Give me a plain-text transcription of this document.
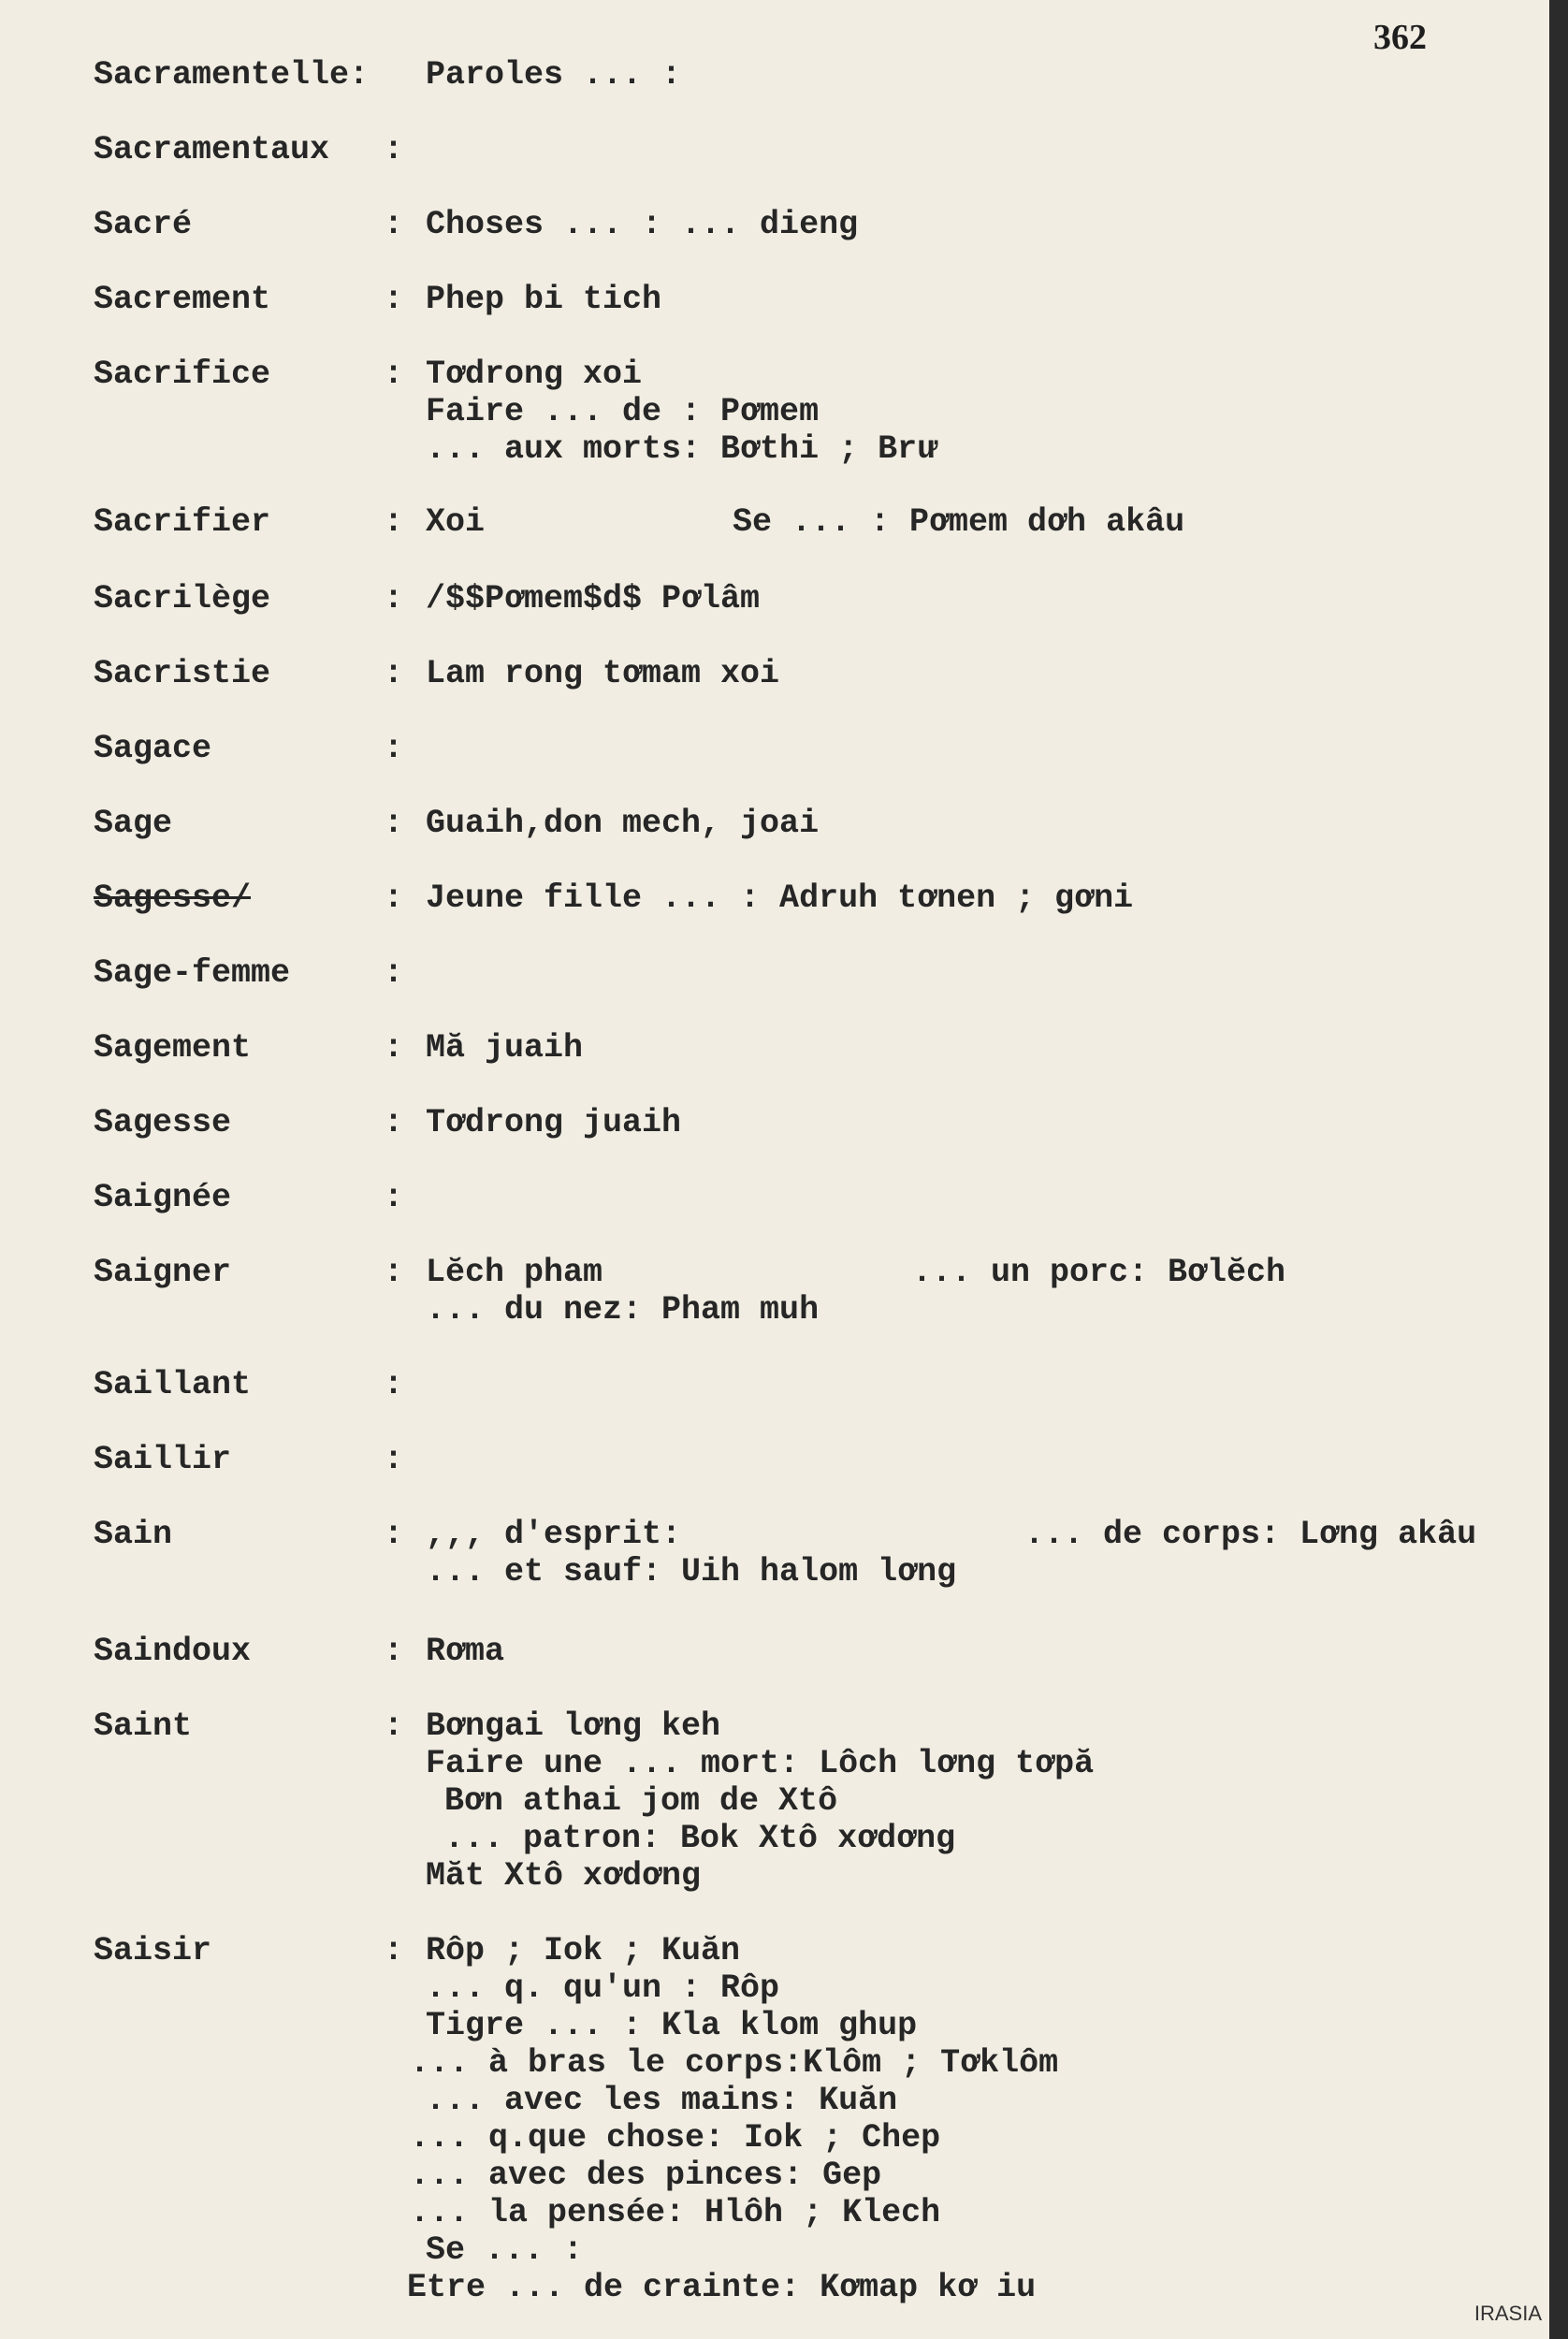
362
Sacramentelle: Paroles ... :
Sacramentaux :
Sacré	: Choses ... : ... dieng
Sacrement	: Phep bi tich
Sacrifice	: Tơdrong xoi
Faire ... de : Pơmem
... aux morts: Bơthi ; Brư
Sacrifier	: Xoi	Se ... : Pơmem dơh akâu
Sacrilège	: /$$Pơmem$d$ Pơlâm
Sacristie	: Lam rong tơmam xoi
Sagace	:
Sage	: Guaih,don mech, joai
Sagesse/	: Jeune fille ... : Adruh tơnen ; gơni
Sage-femme	:
Sagement	: Mă juaih
Sagesse	: Tơdrong juaih
Saignée	:
Saigner	: Lĕch pham	... un porc: Bơlĕch
... du nez: Pham muh
Saillant	:
Saillir	:
Sain	: ,,, d'esprit:	... de corps: Lơng akâu
... et sauf: Uih halom lơng
Saindoux	: Rơma
Saint	: Bơngai lơng keh
Faire une ... mort: Lôch lơng tơpă
Bơn athai jom de Xtô
... patron: Bok Xtô xơdơng
Măt Xtô xơdơng
Saisir	: Rôp ; Iok ; Kuăn
... q. qu'un : Rôp
Tigre ... : Kla klom ghup
... à bras le corps:Klôm ; Tơklôm
... avec les mains: Kuăn
... q.que chose: Iok ; Chep
... avec des pinces: Gep
... la pensée: Hlôh ; Klech
Se ... :
Etre ... de crainte: Kơmap kơ iu
IRASIA
